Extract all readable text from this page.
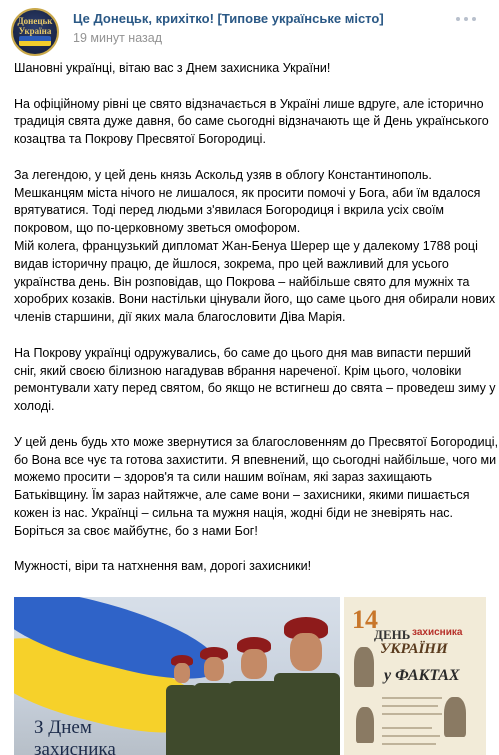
Донецьк
Україна
Це Донецьк, крихітко! [Типове українське місто]
19 минут назад
Шановні українці, вітаю вас з Днем захисника України!
На офіційному рівні це свято відзначається в Україні лише вдруге, але історично
традиція свята дуже давня, бо саме сьогодні відзначають ще й День українського
козацтва та Покрову Пресвятої Богородиці.
За легендою, у цей день князь Аскольд узяв в облогу Константинополь.
Мешканцям міста нічого не лишалося, як просити помочі у Бога, аби їм вдалося
врятуватися. Тоді перед людьми з'явилася Богородиця і вкрила усіх своїм
покровом, що по-церковному зветься омофором.
Мій колега, французький дипломат Жан-Бенуа Шерер ще у далекому 1788 році
видав історичну працю, де йшлося, зокрема, про цей важливий для усього
українства день. Він розповідав, що Покрова – найбільше свято для мужніх та
хоробрих козаків. Вони настільки цінували його, що саме цього дня обирали нових
членів старшини, дії яких мала благословити Діва Марія.
На Покрову українці одружувались, бо саме до цього дня мав випасти перший
сніг, який своєю білизною нагадував вбрання нареченої. Крім цього, чоловіки
ремонтували хату перед святом, бо якщо не встигнеш до свята – проведеш зиму у
холоді.
У цей день будь хто може звернутися за благословенням до Пресвятої Богородиці,
бо Вона все чує та готова захистити. Я впевнений, що сьогодні найбільше, чого ми
можемо просити – здоров'я та сили нашим воїнам, які зараз захищають
Батьківщину. Їм зараз найтяжче, але саме вони – захисники, якими пишається
кожен із нас. Українці – сильна та мужня нація, жодні біди не зневірять нас.
Боріться за своє майбутнє, бо з нами Бог!
Мужності, віри та натхнення вам, дорогі захисники!
З Днем
захисника
14	захисника
ДЕНЬ
УКРАЇНИ
у ФАКТАХ
